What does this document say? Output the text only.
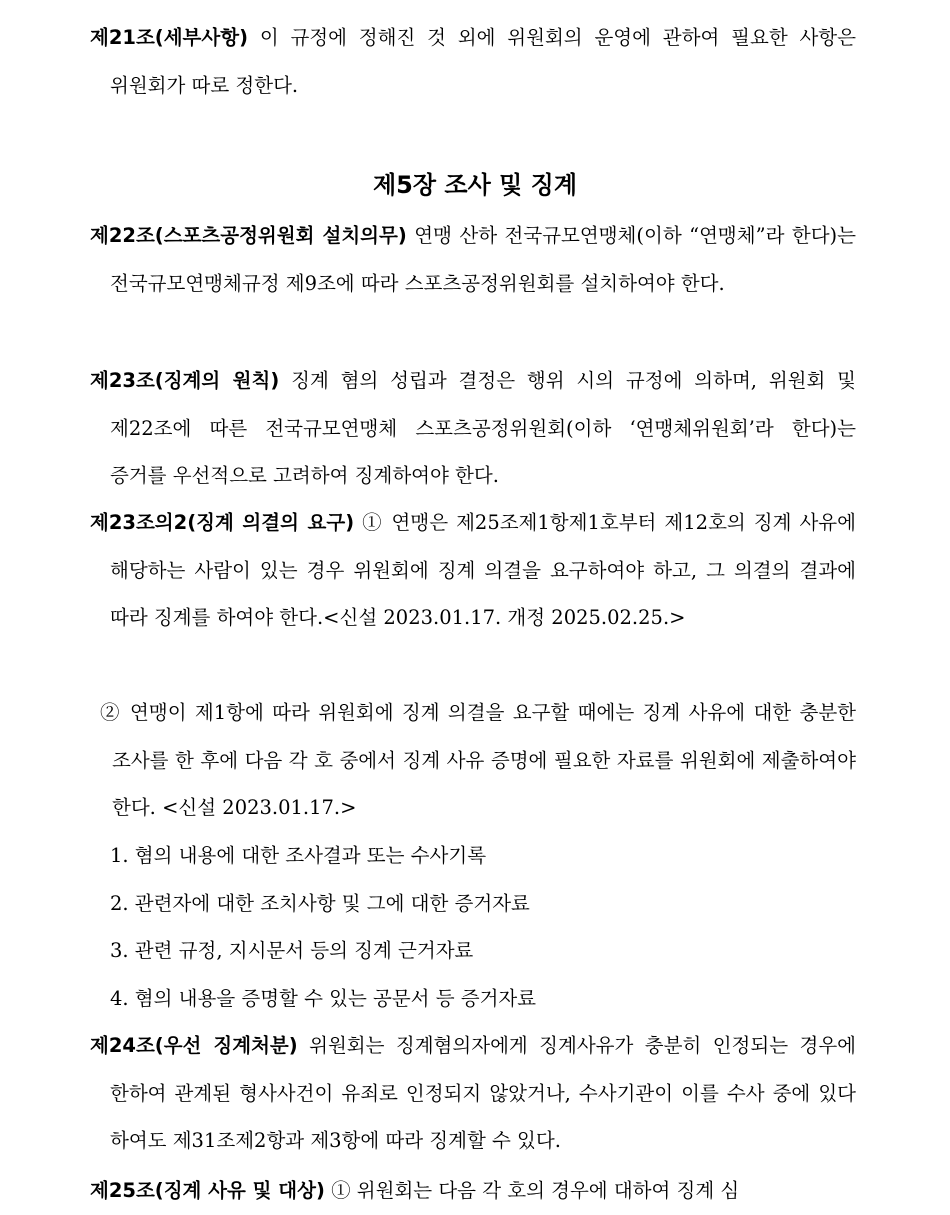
제21조(세부사항) 이 규정에 정해진 것 외에 위원회의 운영에 관하여 필요한 사항은 위원회가 따로 정한다.
제5장 조사 및 징계
제22조(스포츠공정위원회 설치의무) 연맹 산하 전국규모연맹체(이하 “연맹체”라 한다)는 전국규모연맹체규정 제9조에 따라 스포츠공정위원회를 설치하여야 한다.
제23조(징계의 원칙) 징계 혐의 성립과 결정은 행위 시의 규정에 의하며, 위원회 및 제22조에 따른 전국규모연맹체 스포츠공정위원회(이하 ‘연맹체위원회’라 한다)는 증거를 우선적으로 고려하여 징계하여야 한다.
제23조의2(징계 의결의 요구) ① 연맹은 제25조제1항제1호부터 제12호의 징계 사유에 해당하는 사람이 있는 경우 위원회에 징계 의결을 요구하여야 하고, 그 의결의 결과에 따라 징계를 하여야 한다.<신설 2023.01.17. 개정 2025.02.25.>
② 연맹이 제1항에 따라 위원회에 징계 의결을 요구할 때에는 징계 사유에 대한 충분한 조사를 한 후에 다음 각 호 중에서 징계 사유 증명에 필요한 자료를 위원회에 제출하여야 한다. <신설 2023.01.17.>
1. 혐의 내용에 대한 조사결과 또는 수사기록
2. 관련자에 대한 조치사항 및 그에 대한 증거자료
3. 관련 규정, 지시문서 등의 징계 근거자료
4. 혐의 내용을 증명할 수 있는 공문서 등 증거자료
제24조(우선 징계처분) 위원회는 징계혐의자에게 징계사유가 충분히 인정되는 경우에 한하여 관계된 형사사건이 유죄로 인정되지 않았거나, 수사기관이 이를 수사 중에 있다 하여도 제31조제2항과 제3항에 따라 징계할 수 있다.
제25조(징계 사유 및 대상) ① 위원회는 다음 각 호의 경우에 대하여 징계 심
